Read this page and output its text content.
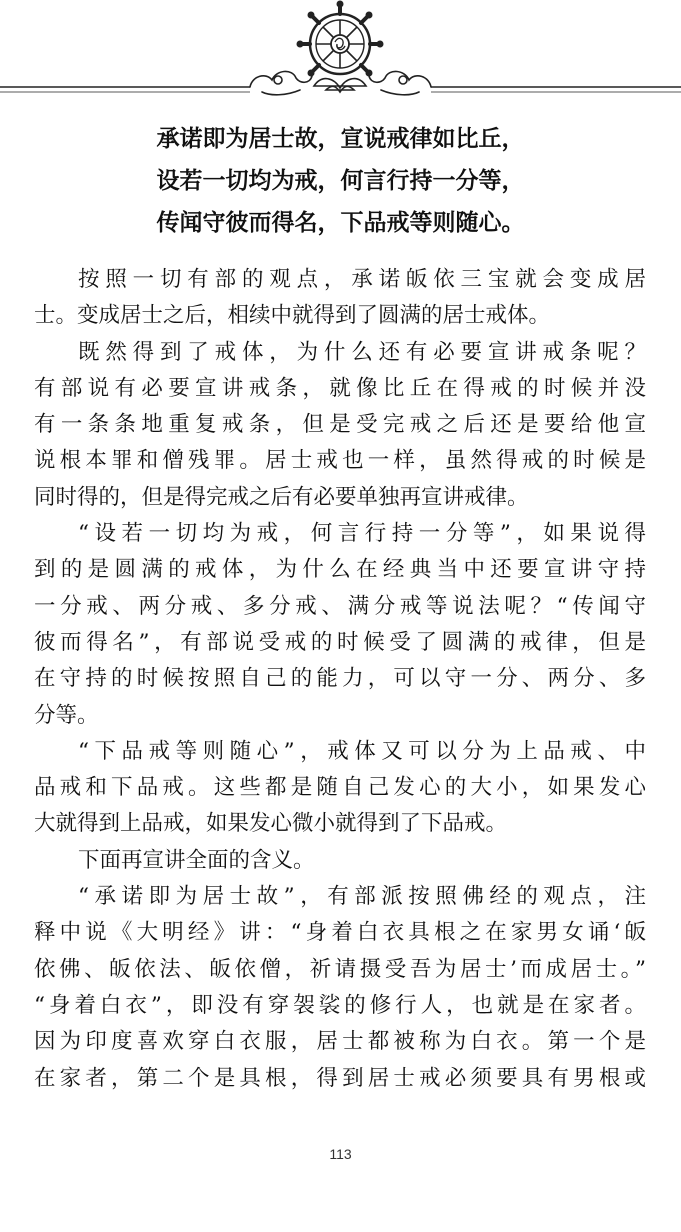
承诺即为居士故，宣说戒律如比丘，
设若一切均为戒，何言行持一分等，
传闻守彼而得名，下品戒等则随心。
按照一切有部的观点，承诺皈依三宝就会变成居
士。变成居士之后，相续中就得到了圆满的居士戒体。
既然得到了戒体，为什么还有必要宣讲戒条呢？
有部说有必要宣讲戒条，就像比丘在得戒的时候并没
有一条条地重复戒条，但是受完戒之后还是要给他宣
说根本罪和僧残罪。居士戒也一样，虽然得戒的时候是
同时得的，但是得完戒之后有必要单独再宣讲戒律。
“设若一切均为戒，何言行持一分等”，如果说得
到的是圆满的戒体，为什么在经典当中还要宣讲守持
一分戒、两分戒、多分戒、满分戒等说法呢？“传闻守
彼而得名”，有部说受戒的时候受了圆满的戒律，但是
在守持的时候按照自己的能力，可以守一分、两分、多
分等。
“下品戒等则随心”，戒体又可以分为上品戒、中
品戒和下品戒。这些都是随自己发心的大小，如果发心
大就得到上品戒，如果发心微小就得到了下品戒。
下面再宣讲全面的含义。
“承诺即为居士故”，有部派按照佛经的观点，注
释中说《大明经》讲：“身着白衣具根之在家男女诵‘皈
依佛、皈依法、皈依僧，祈请摄受吾为居士’而成居士。”
“身着白衣”，即没有穿袈裟的修行人，也就是在家者。
因为印度喜欢穿白衣服，居士都被称为白衣。第一个是
在家者，第二个是具根，得到居士戒必须要具有男根或
113
